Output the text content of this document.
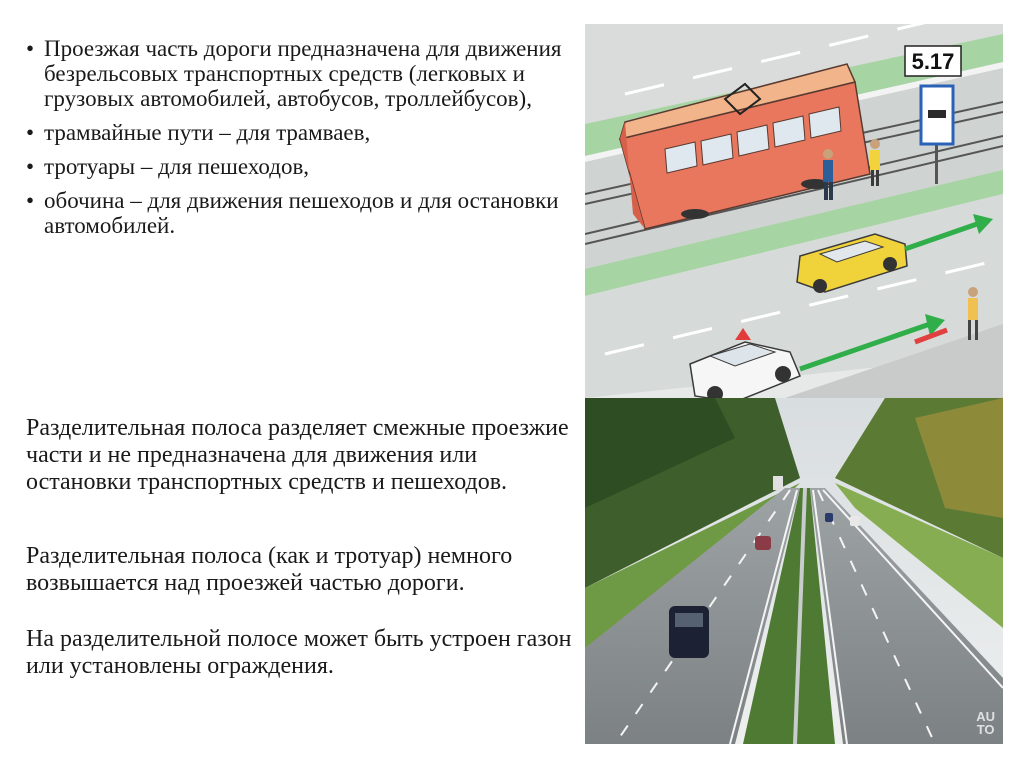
• Проезжая часть дороги предназначена для движения безрельсовых транспортных средств (легковых и грузовых автомобилей, автобусов, троллейбусов),
• трамвайные пути – для трамваев,
• тротуары – для пешеходов,
• обочина – для движения пешеходов и для остановки автомобилей.

Разделительная полоса разделяет смежные проезжие части и не предназначена для движения или остановки транспортных средств и пешеходов.

Разделительная полоса (как и тротуар) немного возвышается над проезжей частью дороги.

На разделительной полосе может быть устроен газон или установлены ограждения.

5.17
AU
TO
